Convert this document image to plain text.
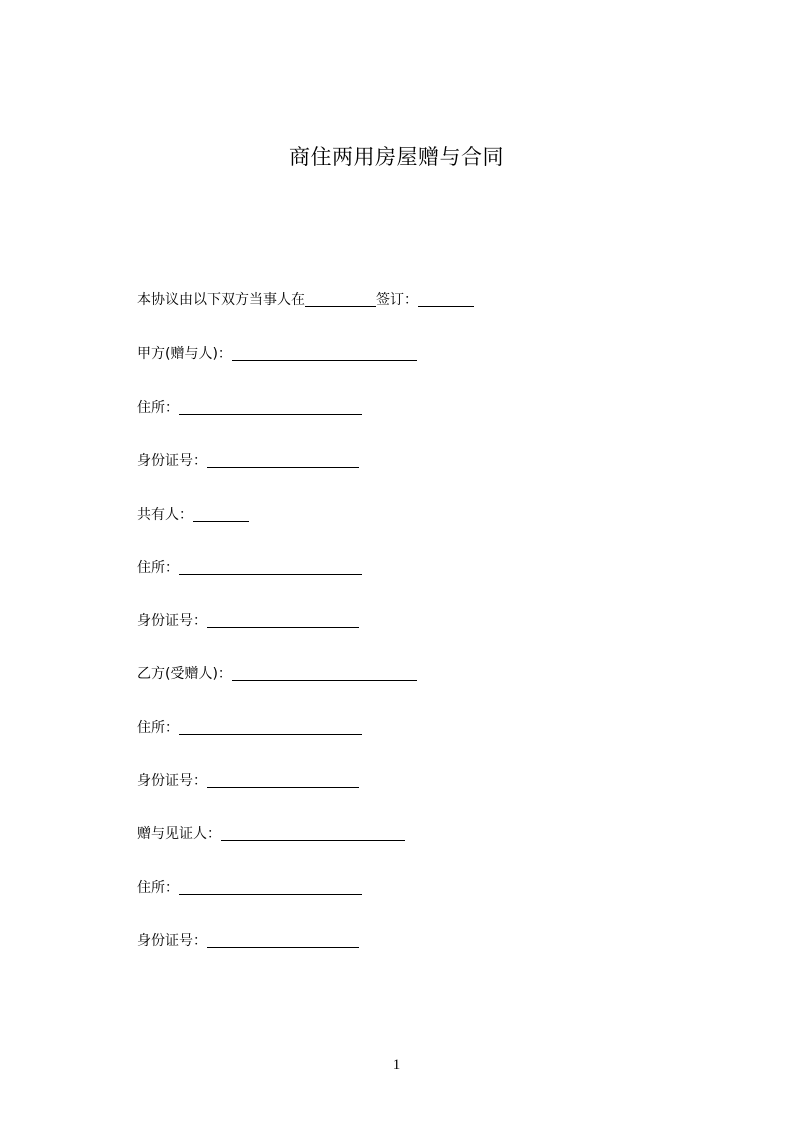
商住两用房屋赠与合同
本协议由以下双方当事人在	签订：
甲方(赠与人)：
住所：
身份证号：
共有人：
住所：
身份证号：
乙方(受赠人)：
住所：
身份证号：
赠与见证人：
住所：
身份证号：
1
